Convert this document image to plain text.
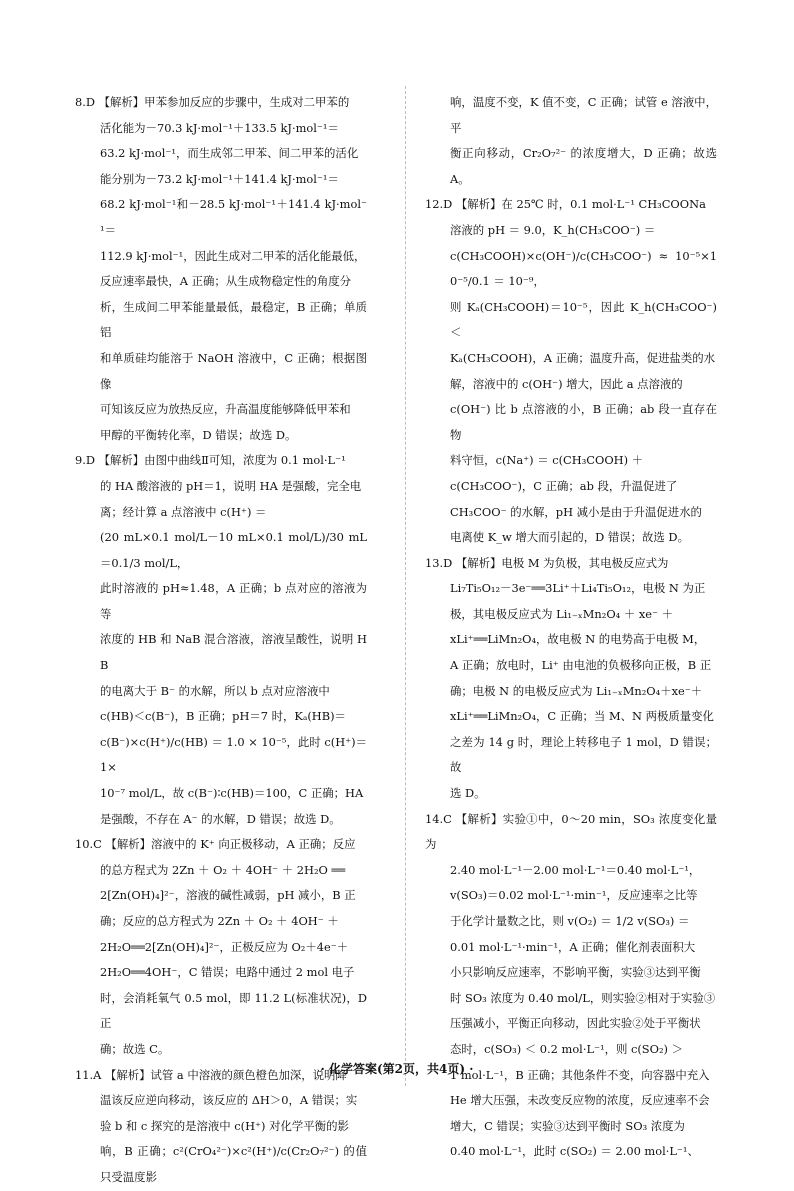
8.D 【解析】甲苯参加反应的步骤中，生成对二甲苯的

活化能为－70.3 kJ·mol⁻¹＋133.5 kJ·mol⁻¹＝

63.2 kJ·mol⁻¹，而生成邻二甲苯、间二甲苯的活化

能分别为－73.2 kJ·mol⁻¹＋141.4 kJ·mol⁻¹＝

68.2 kJ·mol⁻¹和－28.5 kJ·mol⁻¹＋141.4 kJ·mol⁻¹＝

112.9 kJ·mol⁻¹，因此生成对二甲苯的活化能最低，

反应速率最快，A 正确；从生成物稳定性的角度分

析，生成间二甲苯能量最低，最稳定，B 正确；单质铝

和单质硅均能溶于 NaOH 溶液中，C 正确；根据图像

可知该反应为放热反应，升高温度能够降低甲苯和

甲醇的平衡转化率，D 错误；故选 D。

9.D 【解析】由图中曲线Ⅱ可知，浓度为 0.1 mol·L⁻¹

的 HA 酸溶液的 pH＝1，说明 HA 是强酸，完全电

离；经计算 a 点溶液中 c(H⁺) ＝

(20 mL×0.1 mol/L－10 mL×0.1 mol/L)/30 mL＝0.1/3 mol/L，

此时溶液的 pH≈1.48，A 正确；b 点对应的溶液为等

浓度的 HB 和 NaB 混合溶液，溶液呈酸性，说明 HB

的电离大于 B⁻ 的水解，所以 b 点对应溶液中

c(HB)＜c(B⁻)，B 正确；pH＝7 时，Kₐ(HB)＝

c(B⁻)×c(H⁺)/c(HB) ＝ 1.0 × 10⁻⁵，此时 c(H⁺)＝1×

10⁻⁷ mol/L，故 c(B⁻)∶c(HB)＝100，C 正确；HA

是强酸，不存在 A⁻ 的水解，D 错误；故选 D。

10.C 【解析】溶液中的 K⁺ 向正极移动，A 正确；反应

的总方程式为 2Zn ＋ O₂ ＋ 4OH⁻ ＋ 2H₂O ══

2[Zn(OH)₄]²⁻，溶液的碱性减弱，pH 减小，B 正

确；反应的总方程式为 2Zn ＋ O₂ ＋ 4OH⁻ ＋

2H₂O══2[Zn(OH)₄]²⁻，正极反应为 O₂＋4e⁻＋

2H₂O══4OH⁻，C 错误；电路中通过 2 mol 电子

时，会消耗氧气 0.5 mol，即 11.2 L(标准状况)，D 正

确；故选 C。

11.A 【解析】试管 a 中溶液的颜色橙色加深，说明降

温该反应逆向移动，该反应的 ΔH＞0，A 错误；实

验 b 和 c 探究的是溶液中 c(H⁺) 对化学平衡的影

响，B 正确；c²(CrO₄²⁻)×c²(H⁺)/c(Cr₂O₇²⁻) 的值只受温度影

响，温度不变，K 值不变，C 正确；试管 e 溶液中，平

衡正向移动，Cr₂O₇²⁻ 的浓度增大，D 正确；故选 A。

12.D 【解析】在 25℃ 时，0.1 mol·L⁻¹ CH₃COONa

溶液的 pH ＝ 9.0，K_h(CH₃COO⁻) ＝

c(CH₃COOH)×c(OH⁻)/c(CH₃COO⁻) ≈ 10⁻⁵×10⁻⁵/0.1 ＝ 10⁻⁹，

则 Kₐ(CH₃COOH)＝10⁻⁵，因此 K_h(CH₃COO⁻)＜

Kₐ(CH₃COOH)，A 正确；温度升高，促进盐类的水

解，溶液中的 c(OH⁻) 增大，因此 a 点溶液的

c(OH⁻) 比 b 点溶液的小，B 正确；ab 段一直存在物

料守恒，c(Na⁺) ＝ c(CH₃COOH) ＋

c(CH₃COO⁻)，C 正确；ab 段，升温促进了

CH₃COO⁻ 的水解，pH 减小是由于升温促进水的

电离使 K_w 增大而引起的，D 错误；故选 D。

13.D 【解析】电极 M 为负极，其电极反应式为

Li₇Ti₅O₁₂－3e⁻══3Li⁺＋Li₄Ti₅O₁₂，电极 N 为正

极，其电极反应式为 Li₁₋ₓMn₂O₄ ＋ xe⁻ ＋

xLi⁺══LiMn₂O₄，故电极 N 的电势高于电极 M，

A 正确；放电时，Li⁺ 由电池的负极移向正极，B 正

确；电极 N 的电极反应式为 Li₁₋ₓMn₂O₄＋xe⁻＋

xLi⁺══LiMn₂O₄，C 正确；当 M、N 两极质量变化

之差为 14 g 时，理论上转移电子 1 mol，D 错误；故

选 D。

14.C 【解析】实验①中，0～20 min，SO₃ 浓度变化量为

2.40 mol·L⁻¹－2.00 mol·L⁻¹＝0.40 mol·L⁻¹，

v(SO₃)＝0.02 mol·L⁻¹·min⁻¹，反应速率之比等

于化学计量数之比，则 v(O₂) ＝ 1/2 v(SO₃) ＝

0.01 mol·L⁻¹·min⁻¹，A 正确；催化剂表面积大

小只影响反应速率，不影响平衡，实验③达到平衡

时 SO₃ 浓度为 0.40 mol/L，则实验②相对于实验③

压强减小，平衡正向移动，因此实验②处于平衡状

态时，c(SO₃) ＜ 0.2 mol·L⁻¹，则 c(SO₂) ＞

1 mol·L⁻¹，B 正确；其他条件不变，向容器中充入

He 增大压强，未改变反应物的浓度，反应速率不会

增大，C 错误；实验③达到平衡时 SO₃ 浓度为

0.40 mol·L⁻¹，此时 c(SO₂) ＝ 2.00 mol·L⁻¹、

· 化学答案(第2页，共4页) ·
